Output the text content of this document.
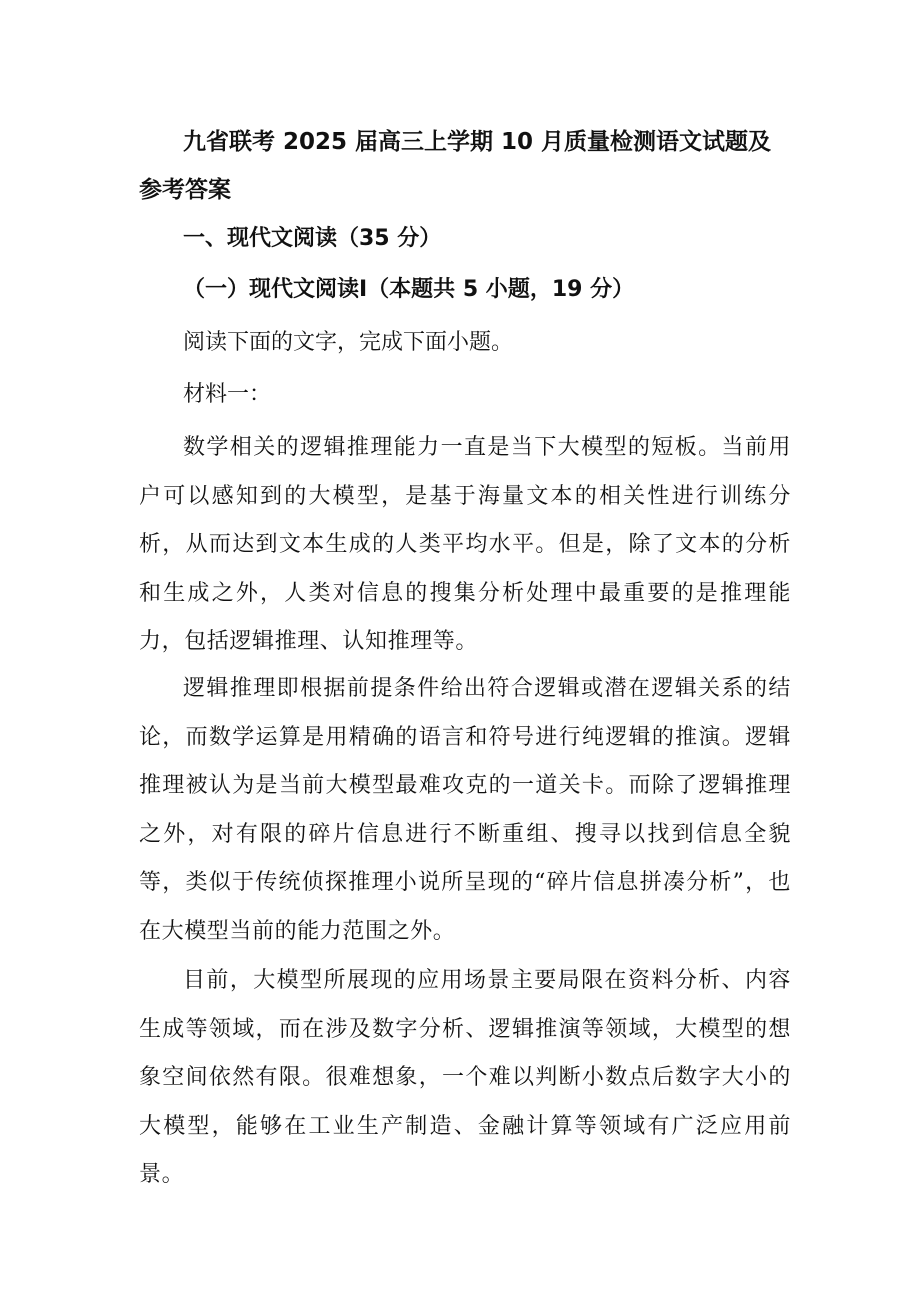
九省联考 2025 届高三上学期 10 月质量检测语文试题及参考答案

一、现代文阅读（35 分）

（一）现代文阅读Ⅰ（本题共 5 小题，19 分）

阅读下面的文字，完成下面小题。

材料一：

数学相关的逻辑推理能力一直是当下大模型的短板。当前用户可以感知到的大模型，是基于海量文本的相关性进行训练分析，从而达到文本生成的人类平均水平。但是，除了文本的分析和生成之外，人类对信息的搜集分析处理中最重要的是推理能力，包括逻辑推理、认知推理等。

逻辑推理即根据前提条件给出符合逻辑或潜在逻辑关系的结论，而数学运算是用精确的语言和符号进行纯逻辑的推演。逻辑推理被认为是当前大模型最难攻克的一道关卡。而除了逻辑推理之外，对有限的碎片信息进行不断重组、搜寻以找到信息全貌等，类似于传统侦探推理小说所呈现的“碎片信息拼凑分析”，也在大模型当前的能力范围之外。

目前，大模型所展现的应用场景主要局限在资料分析、内容生成等领域，而在涉及数字分析、逻辑推演等领域，大模型的想象空间依然有限。很难想象，一个难以判断小数点后数字大小的大模型，能够在工业生产制造、金融计算等领域有广泛应用前景。
